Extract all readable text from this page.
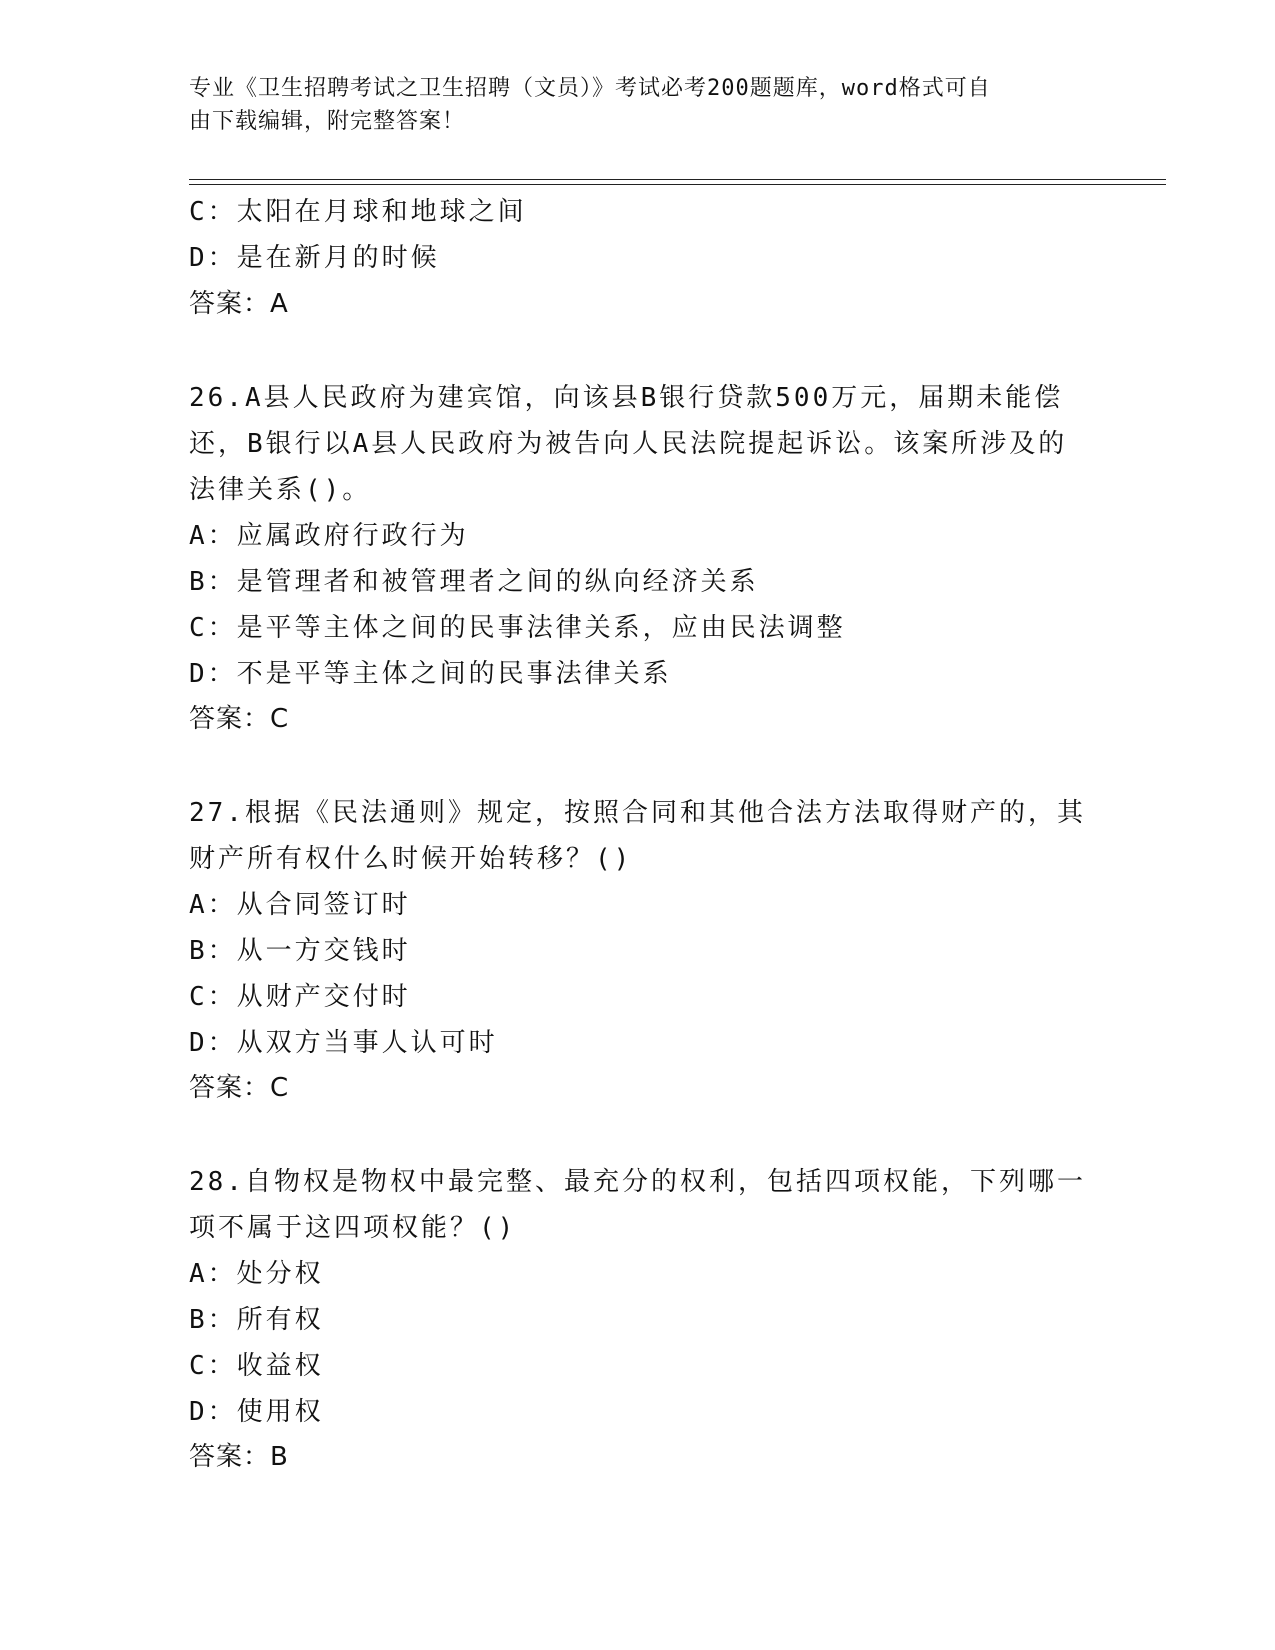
专业《卫生招聘考试之卫生招聘（文员）》考试必考200题题库，word格式可自
由下载编辑，附完整答案！
C：太阳在月球和地球之间
D：是在新月的时候
答案：A
26.A县人民政府为建宾馆，向该县B银行贷款500万元，届期未能偿
还，B银行以A县人民政府为被告向人民法院提起诉讼。该案所涉及的
法律关系()。
A：应属政府行政行为
B：是管理者和被管理者之间的纵向经济关系
C：是平等主体之间的民事法律关系，应由民法调整
D：不是平等主体之间的民事法律关系
答案：C
27.根据《民法通则》规定，按照合同和其他合法方法取得财产的，其
财产所有权什么时候开始转移？()
A：从合同签订时
B：从一方交钱时
C：从财产交付时
D：从双方当事人认可时
答案：C
28.自物权是物权中最完整、最充分的权利，包括四项权能，下列哪一
项不属于这四项权能？()
A：处分权
B：所有权
C：收益权
D：使用权
答案：B
